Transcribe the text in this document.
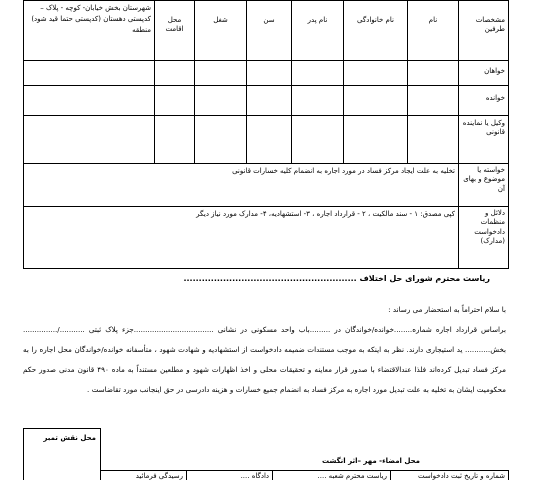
مشخصات طرفین	نام	نام خانوادگی	نام پدر	سن	شغل	محل اقامت	شهرستان بخش خیابان- کوچه - پلاک – کدپستی دهستان (کدپستی حتما قید شود) منطقه
خواهان							
خوانده							
وکیل یا نماینده قانونی							
خواسته یا موضوع و بهای آن	تخلیه به علت ایجاد مرکز فساد در مورد اجاره به انضمام کلیه خسارات قانونی						
دلائل و منظمات دادخواست (مدارک)	کپی مصدق: ۱ - سند مالکیت ، ۲ - قرارداد اجاره ، ۳- استشهادیه، ۴- مدارک مورد نیاز دیگر						
ریاست محترم شورای حل اختلاف .........................................................

با سلام احتراماً به استحضار می رساند :

براساس قرارداد اجاره شماره........خوانده/خواندگان در .........باب واحد مسکونی در نشانی ...................................جزء پلاک ثبتی .........../............... بخش........... ید استیجاری دارند. نظر به اینکه به موجب مستندات ضمیمه دادخواست از استشهادیه و شهادت شهود ، متأسفانه خوانده/خواندگان محل اجاره را به مرکز فساد تبدیل کرده‌اند فلذا عندالاقتضاء با صدور قرار معاینه و تحقیقات محلی و اخذ اظهارات شهود و مطلعین مستنداً به ماده ۴۹۰ قانون مدنی صدور حکم محکومیت ایشان به تخلیه به علت تبدیل مورد اجاره به مرکز فساد به انضمام جمیع خسارات و هزینه دادرسی در حق اینجانب مورد تقاضاست .

محل نقش تمبر
محل امضاء- مهر –اثر انگشت
شماره و تاریخ ثبت دادخواست	ریاست محترم شعبه ....	دادگاه ....	رسیدگی فرمائید
